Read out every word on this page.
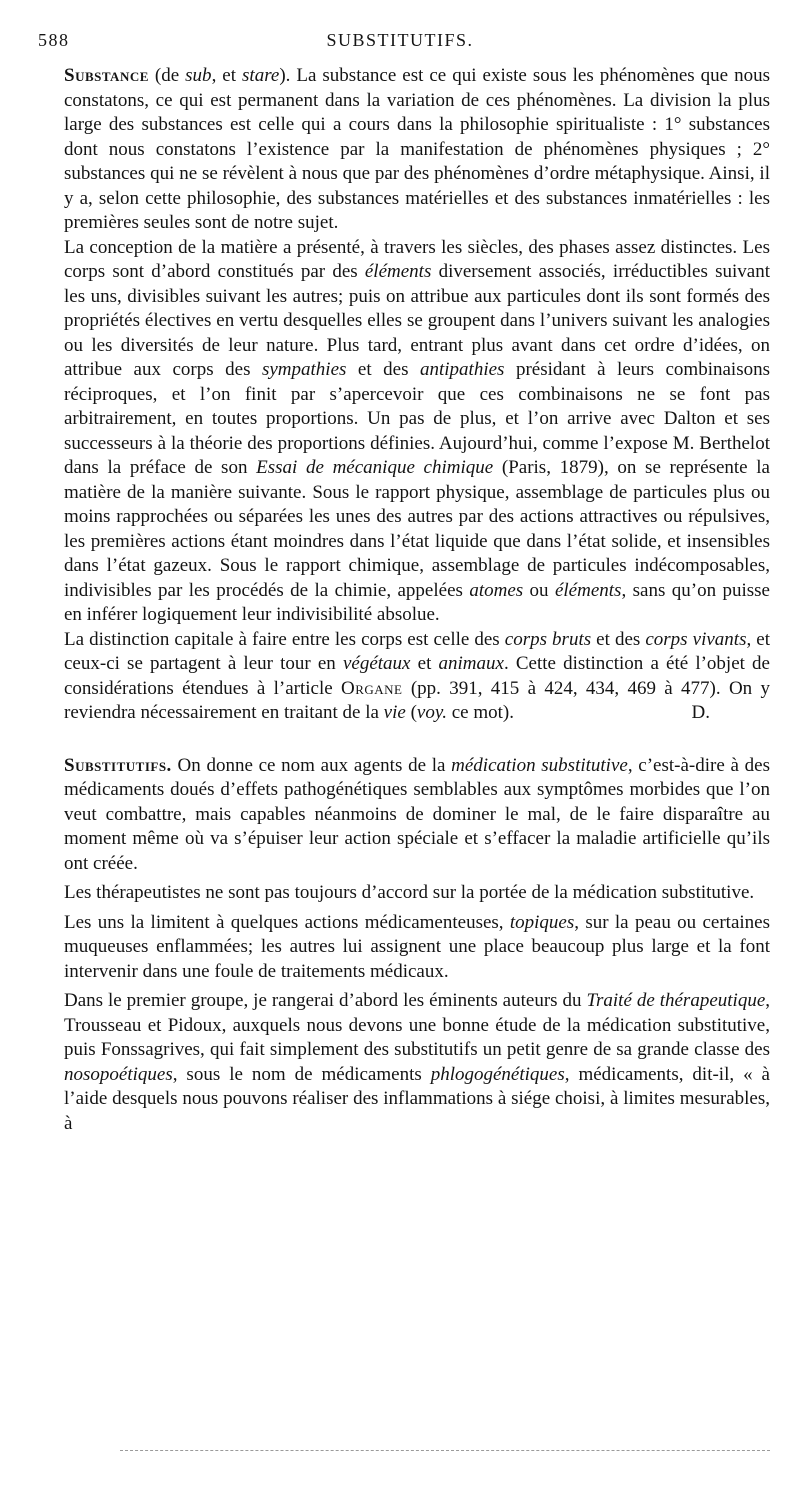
588	SUBSTITUTIFS.

Substance (de sub, et stare). La substance est ce qui existe sous les phénomènes que nous constatons, ce qui est permanent dans la variation de ces phénomènes. La division la plus large des substances est celle qui a cours dans la philosophie spiritualiste : 1° substances dont nous constatons l’existence par la manifestation de phénomènes physiques ; 2° substances qui ne se révèlent à nous que par des phénomènes d’ordre métaphysique. Ainsi, il y a, selon cette philosophie, des substances matérielles et des substances inmatérielles : les premières seules sont de notre sujet.

La conception de la matière a présenté, à travers les siècles, des phases assez distinctes. Les corps sont d’abord constitués par des éléments diversement associés, irréductibles suivant les uns, divisibles suivant les autres; puis on attribue aux particules dont ils sont formés des propriétés électives en vertu desquelles elles se groupent dans l’univers suivant les analogies ou les diversités de leur nature. Plus tard, entrant plus avant dans cet ordre d’idées, on attribue aux corps des sympathies et des antipathies présidant à leurs combinaisons réciproques, et l’on finit par s’apercevoir que ces combinaisons ne se font pas arbitrairement, en toutes proportions. Un pas de plus, et l’on arrive avec Dalton et ses successeurs à la théorie des proportions définies. Aujourd’hui, comme l’expose M. Berthelot dans la préface de son Essai de mécanique chimique (Paris, 1879), on se représente la matière de la manière suivante. Sous le rapport physique, assemblage de particules plus ou moins rapprochées ou séparées les unes des autres par des actions attractives ou répulsives, les premières actions étant moindres dans l’état liquide que dans l’état solide, et insensibles dans l’état gazeux. Sous le rapport chimique, assemblage de particules indécomposables, indivisibles par les procédés de la chimie, appelées atomes ou éléments, sans qu’on puisse en inférer logiquement leur indivisibilité absolue.

La distinction capitale à faire entre les corps est celle des corps bruts et des corps vivants, et ceux-ci se partagent à leur tour en végétaux et animaux. Cette distinction a été l’objet de considérations étendues à l’article Organe (pp. 391, 415 à 424, 434, 469 à 477). On y reviendra nécessairement en traitant de la vie (voy. ce mot).	D.

Substitutifs. On donne ce nom aux agents de la médication substitutive, c’est-à-dire à des médicaments doués d’effets pathogénétiques semblables aux symptômes morbides que l’on veut combattre, mais capables néanmoins de dominer le mal, de le faire disparaître au moment même où va s’épuiser leur action spéciale et s’effacer la maladie artificielle qu’ils ont créée.

Les thérapeutistes ne sont pas toujours d’accord sur la portée de la médication substitutive.

Les uns la limitent à quelques actions médicamenteuses, topiques, sur la peau ou certaines muqueuses enflammées; les autres lui assignent une place beaucoup plus large et la font intervenir dans une foule de traitements médicaux.

Dans le premier groupe, je rangerai d’abord les éminents auteurs du Traité de thérapeutique, Trousseau et Pidoux, auxquels nous devons une bonne étude de la médication substitutive, puis Fonssagrives, qui fait simplement des substitutifs un petit genre de sa grande classe des nosopoétiques, sous le nom de médicaments phlogogénétiques, médicaments, dit-il, « à l’aide desquels nous pouvons réaliser des inflammations à siége choisi, à limites mesurables, à
